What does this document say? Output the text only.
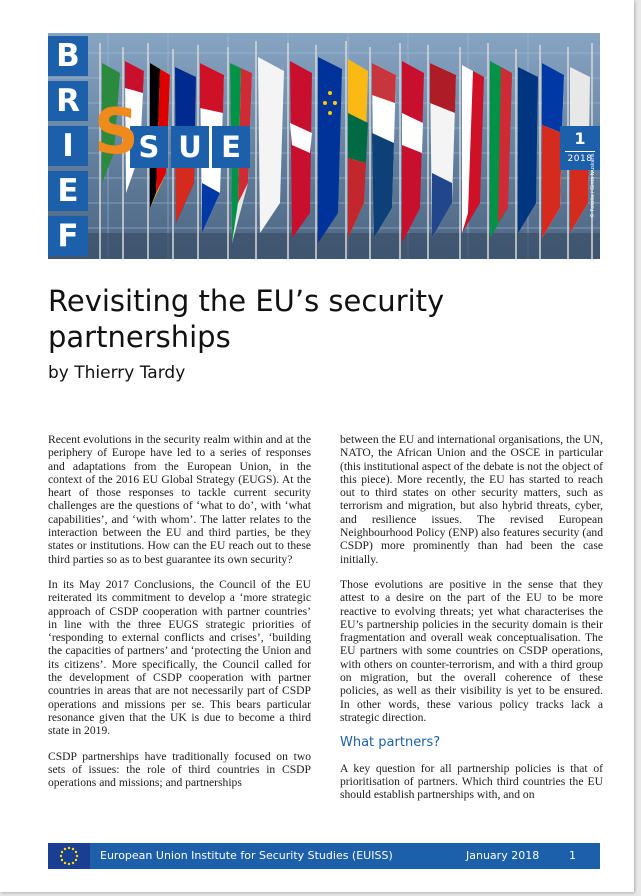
B
R
I
E
F
S U E
S	1
2018
© Fotolia / Gints Ivuskans
Revisiting the EU’s security partnerships
by Thierry Tardy

Recent evolutions in the security realm within and at the periphery of Europe have led to a series of responses and adaptations from the European Union, in the context of the 2016 EU Global Strategy (EUGS). At the heart of those responses to tackle current security challenges are the questions of ‘what to do’, with ‘what capabilities’, and ‘with whom’. The latter relates to the interaction between the EU and third parties, be they states or institutions. How can the EU reach out to these third parties so as to best guarantee its own security?

In its May 2017 Conclusions, the Council of the EU reiterated its commitment to develop a ‘more strategic approach of CSDP cooperation with partner countries’ in line with the three EUGS strategic priorities of ‘responding to external conflicts and crises’, ‘building the capacities of partners’ and ‘protecting the Union and its citizens’. More specifically, the Council called for the development of CSDP cooperation with partner countries in areas that are not necessarily part of CSDP operations and missions per se. This bears particular resonance given that the UK is due to become a third state in 2019.

CSDP partnerships have traditionally focused on two sets of issues: the role of third countries in CSDP operations and missions; and partnerships

between the EU and international organisations, the UN, NATO, the African Union and the OSCE in particular (this institutional aspect of the debate is not the object of this piece). More recently, the EU has started to reach out to third states on other security matters, such as terrorism and migration, but also hybrid threats, cyber, and resilience issues. The revised European Neighbourhood Policy (ENP) also features security (and CSDP) more prominently than had been the case initially.

Those evolutions are positive in the sense that they attest to a desire on the part of the EU to be more reactive to evolving threats; yet what characterises the EU’s partnership policies in the security domain is their fragmentation and overall weak conceptualisation. The EU partners with some countries on CSDP operations, with others on counter-terrorism, and with a third group on migration, but the overall coherence of these policies, as well as their visibility is yet to be ensured. In other words, these various policy tracks lack a strategic direction.

What partners?

A key question for all partnership policies is that of prioritisation of partners. Which third countries the EU should establish partnerships with, and on

European Union Institute for Security Studies (EUISS)	January 2018	1
